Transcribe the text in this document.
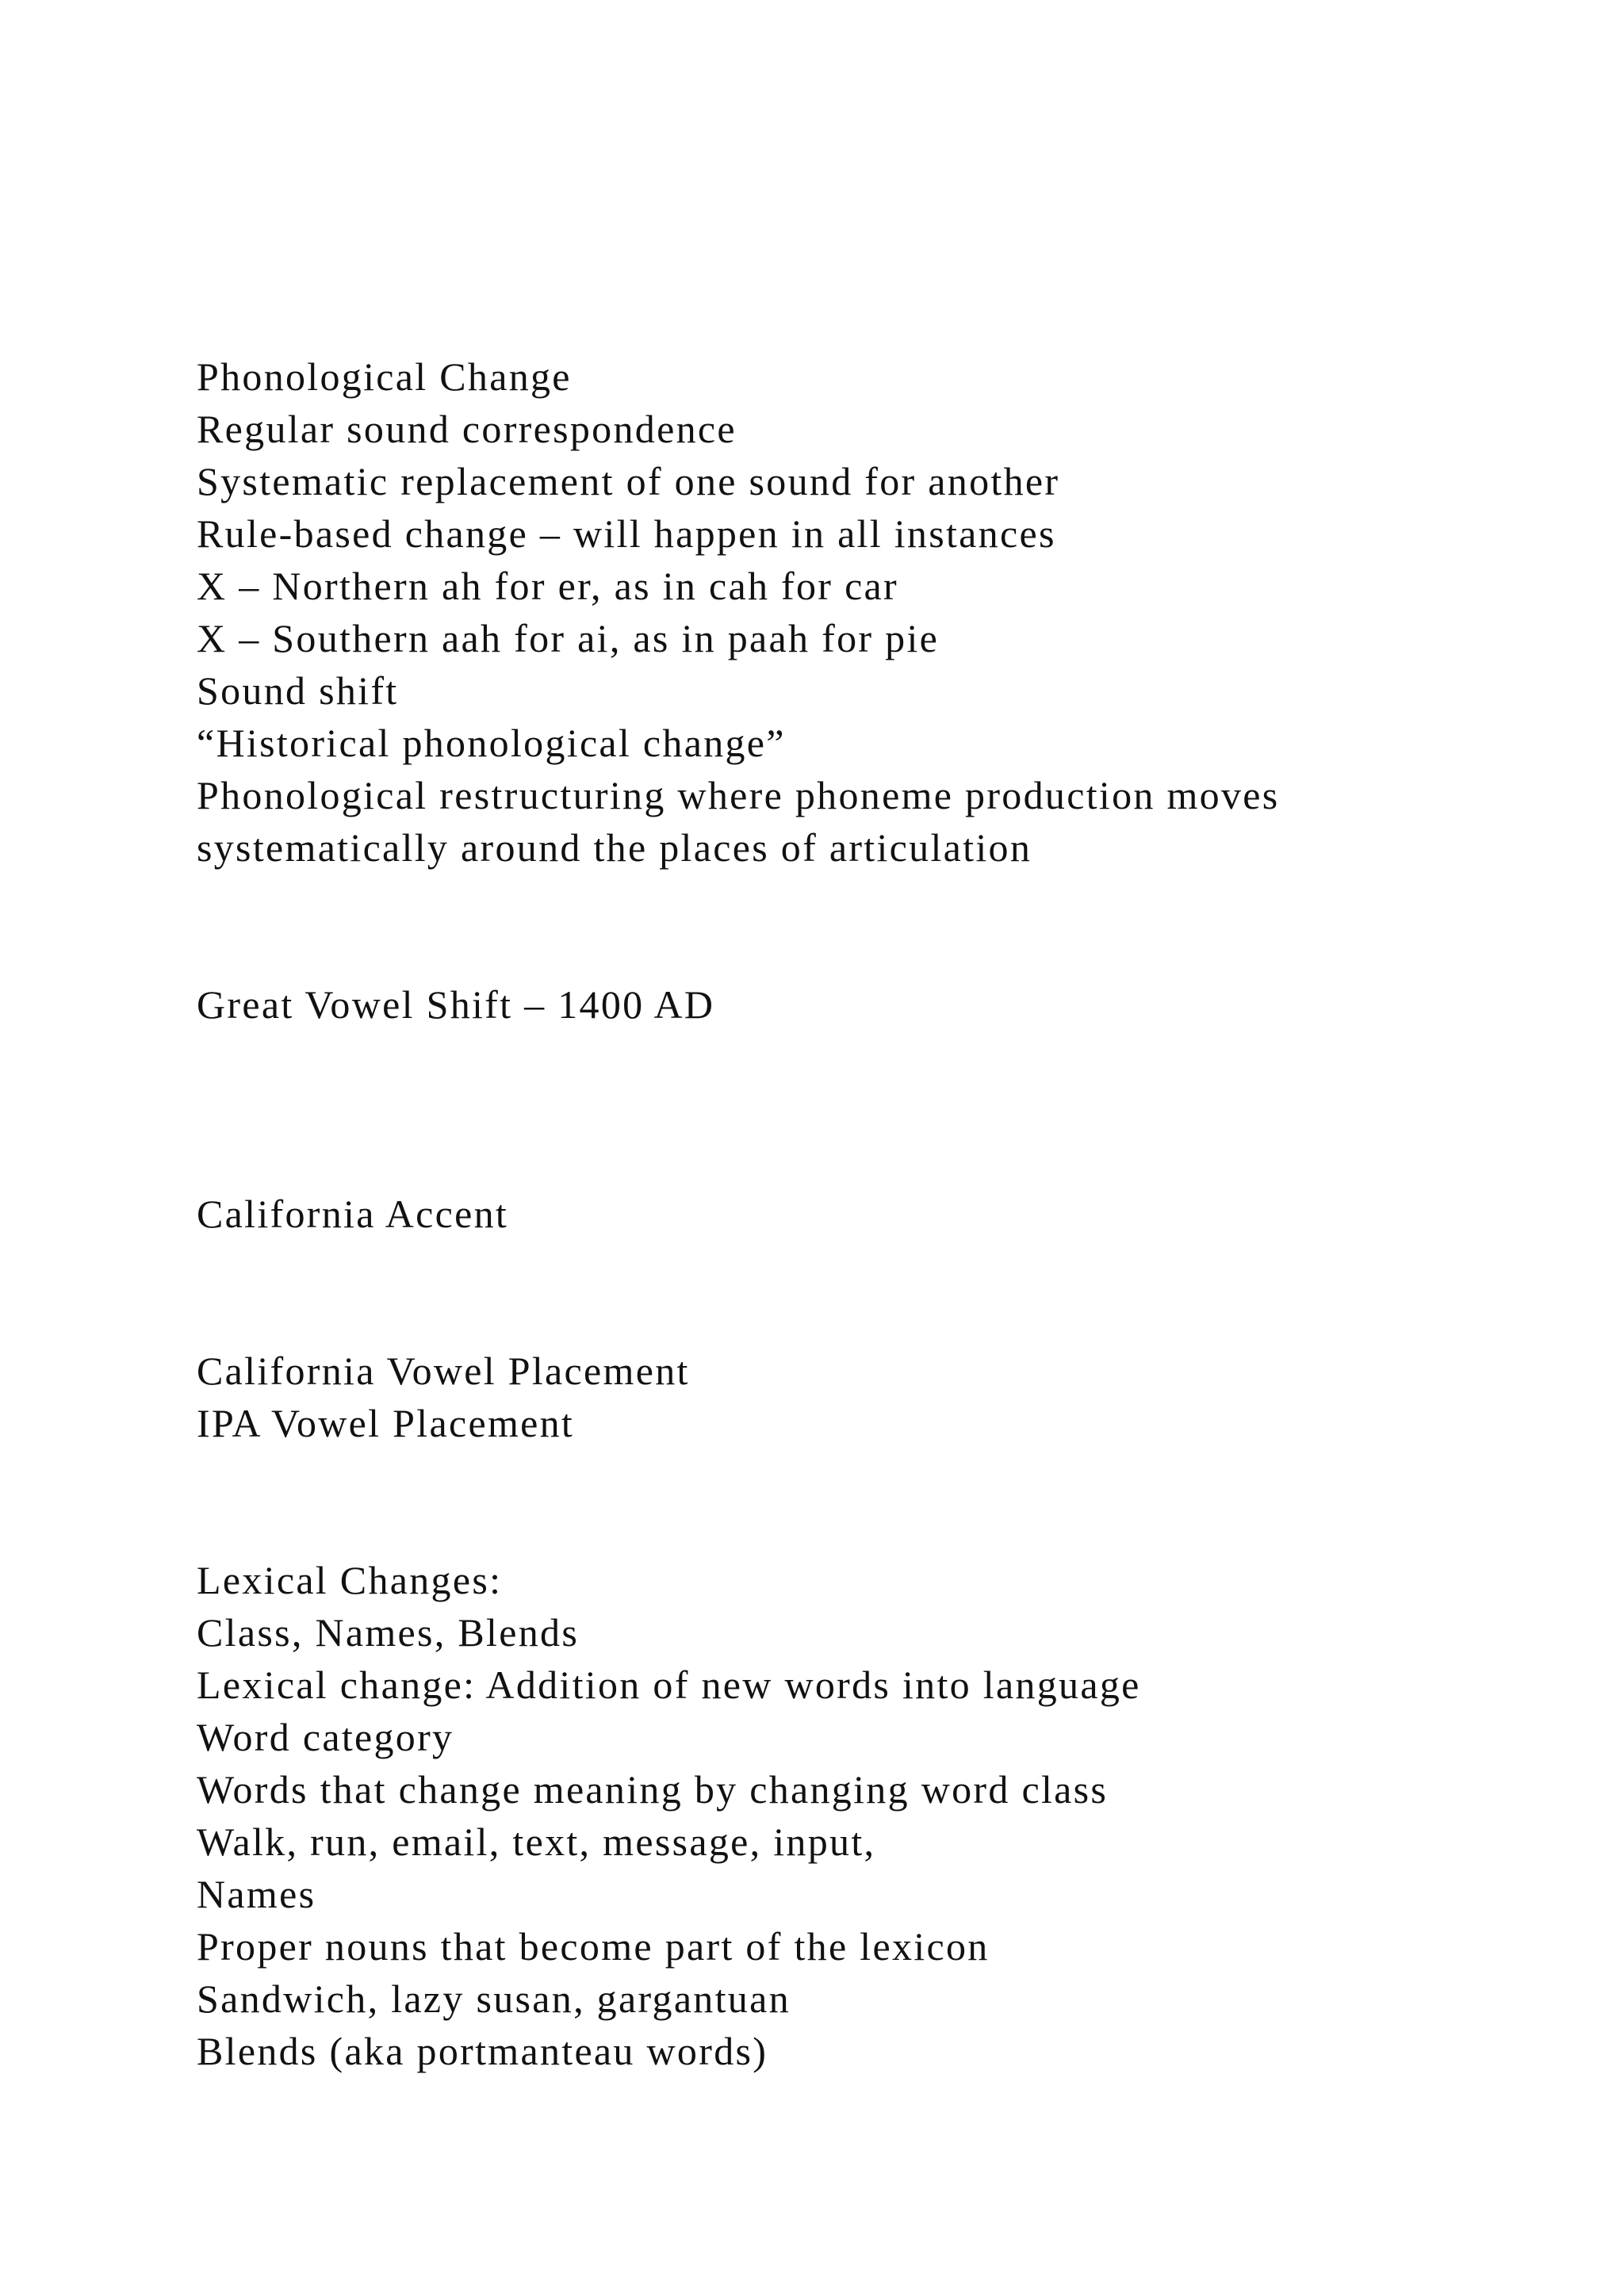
Phonological Change
Regular sound correspondence
Systematic replacement of one sound for another
Rule-based change – will happen in all instances
X – Northern ah for er, as in cah for car
X – Southern aah for ai, as in paah for pie
Sound shift
“Historical phonological change”
Phonological restructuring where phoneme production moves
systematically around the places of articulation
Great Vowel Shift – 1400 AD
California Accent
California Vowel Placement
IPA Vowel Placement
Lexical Changes:
Class, Names, Blends
Lexical change: Addition of new words into language
Word category
Words that change meaning by changing word class
Walk, run, email, text, message, input,
Names
Proper nouns that become part of the lexicon
Sandwich, lazy susan, gargantuan
Blends (aka portmanteau words)
